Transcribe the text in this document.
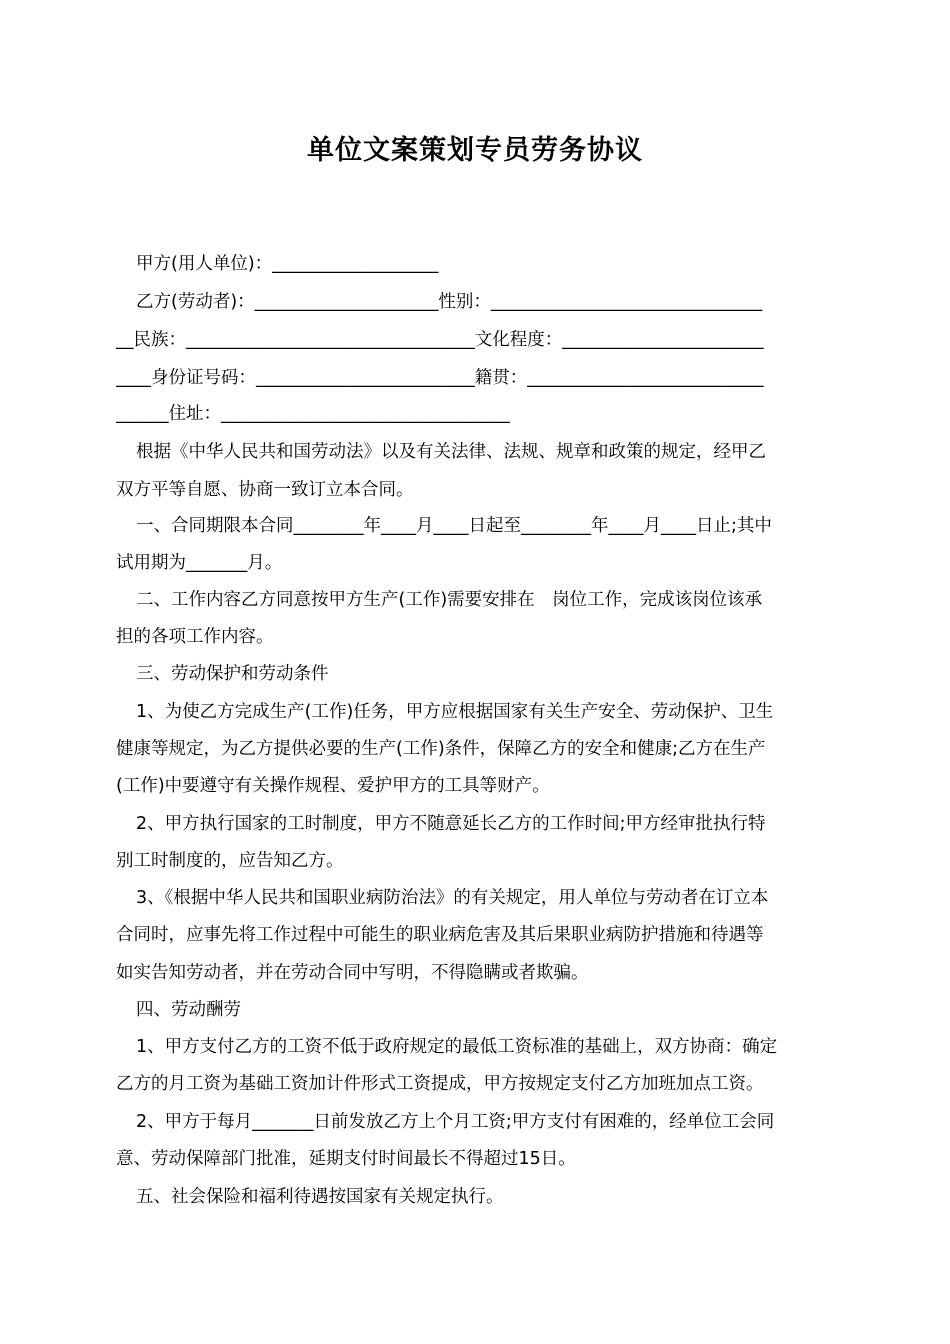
单位文案策划专员劳务协议
甲方(用人单位)：___________________
乙方(劳动者)：_____________________性别：_______________________________
__民族：_________________________________文化程度：_______________________
____身份证号码：_________________________籍贯：___________________________
______住址：_________________________________
根据《中华人民共和国劳动法》以及有关法律、法规、规章和政策的规定，经甲乙
双方平等自愿、协商一致订立本合同。
一、合同期限本合同________年____月____日起至________年____月____日止;其中
试用期为_______月。
二、工作内容乙方同意按甲方生产(工作)需要安排在　岗位工作，完成该岗位该承
担的各项工作内容。
三、劳动保护和劳动条件
1、为使乙方完成生产(工作)任务，甲方应根据国家有关生产安全、劳动保护、卫生
健康等规定，为乙方提供必要的生产(工作)条件，保障乙方的安全和健康;乙方在生产
(工作)中要遵守有关操作规程、爱护甲方的工具等财产。
2、甲方执行国家的工时制度，甲方不随意延长乙方的工作时间;甲方经审批执行特
别工时制度的，应告知乙方。
3、《根据中华人民共和国职业病防治法》的有关规定，用人单位与劳动者在订立本
合同时，应事先将工作过程中可能生的职业病危害及其后果职业病防护措施和待遇等
如实告知劳动者，并在劳动合同中写明，不得隐瞒或者欺骗。
四、劳动酬劳
1、甲方支付乙方的工资不低于政府规定的最低工资标准的基础上，双方协商：确定
乙方的月工资为基础工资加计件形式工资提成，甲方按规定支付乙方加班加点工资。
2、甲方于每月_______日前发放乙方上个月工资;甲方支付有困难的，经单位工会同
意、劳动保障部门批准，延期支付时间最长不得超过15日。
五、社会保险和福利待遇按国家有关规定执行。
